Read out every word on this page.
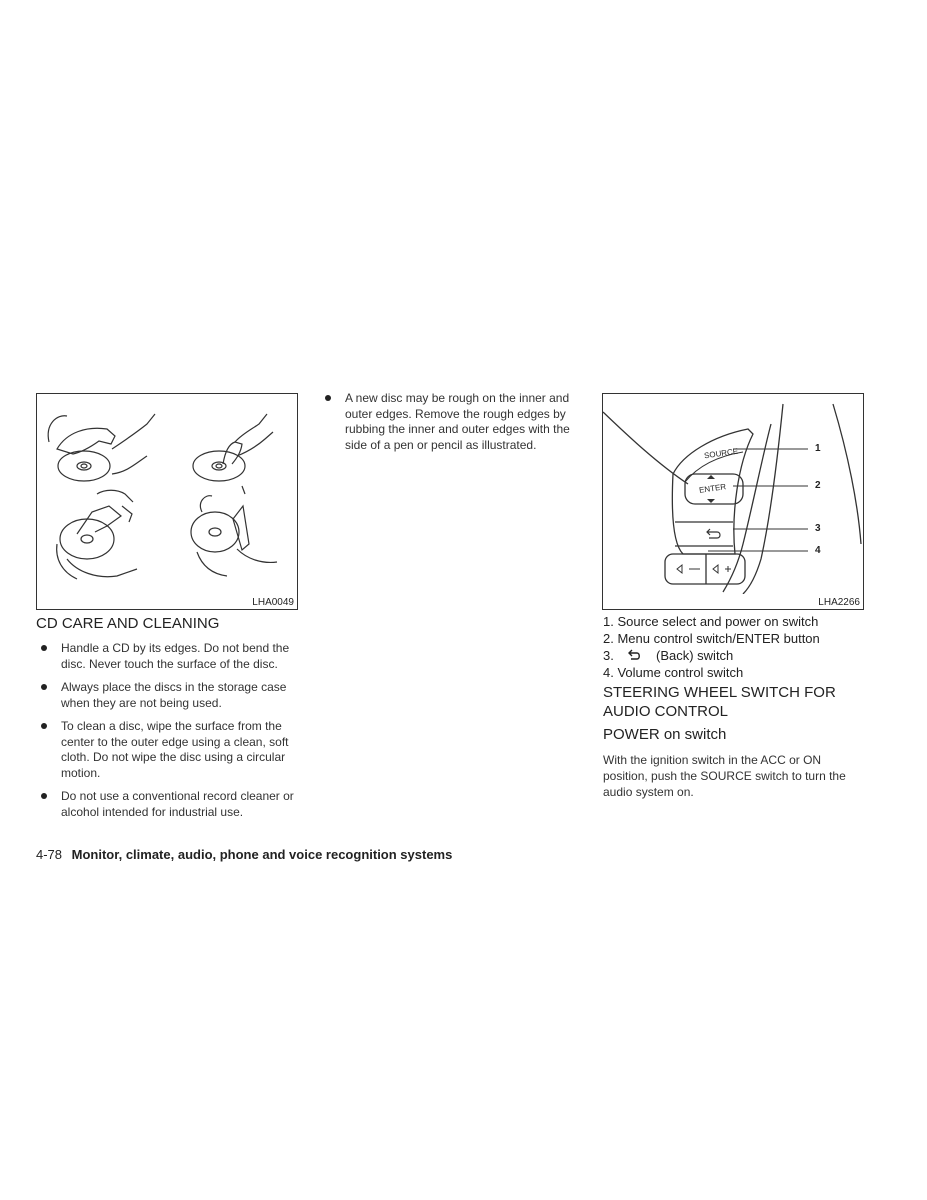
LHA0049
CD CARE AND CLEANING
Handle a CD by its edges. Do not bend the disc. Never touch the surface of the disc.
Always place the discs in the storage case when they are not being used.
To clean a disc, wipe the surface from the center to the outer edge using a clean, soft cloth. Do not wipe the disc using a circular motion.
Do not use a conventional record cleaner or alcohol intended for industrial use.
A new disc may be rough on the inner and outer edges. Remove the rough edges by rubbing the inner and outer edges with the side of a pen or pencil as illustrated.
SOURCE
ENTER
1
2
3
4
LHA2266
1. Source select and power on switch
2. Menu control switch/ENTER button
3.	(Back) switch
4. Volume control switch
STEERING WHEEL SWITCH FOR
AUDIO CONTROL
POWER on switch
With the ignition switch in the ACC or ON position, push the SOURCE switch to turn the audio system on.
4-78 Monitor, climate, audio, phone and voice recognition systems
